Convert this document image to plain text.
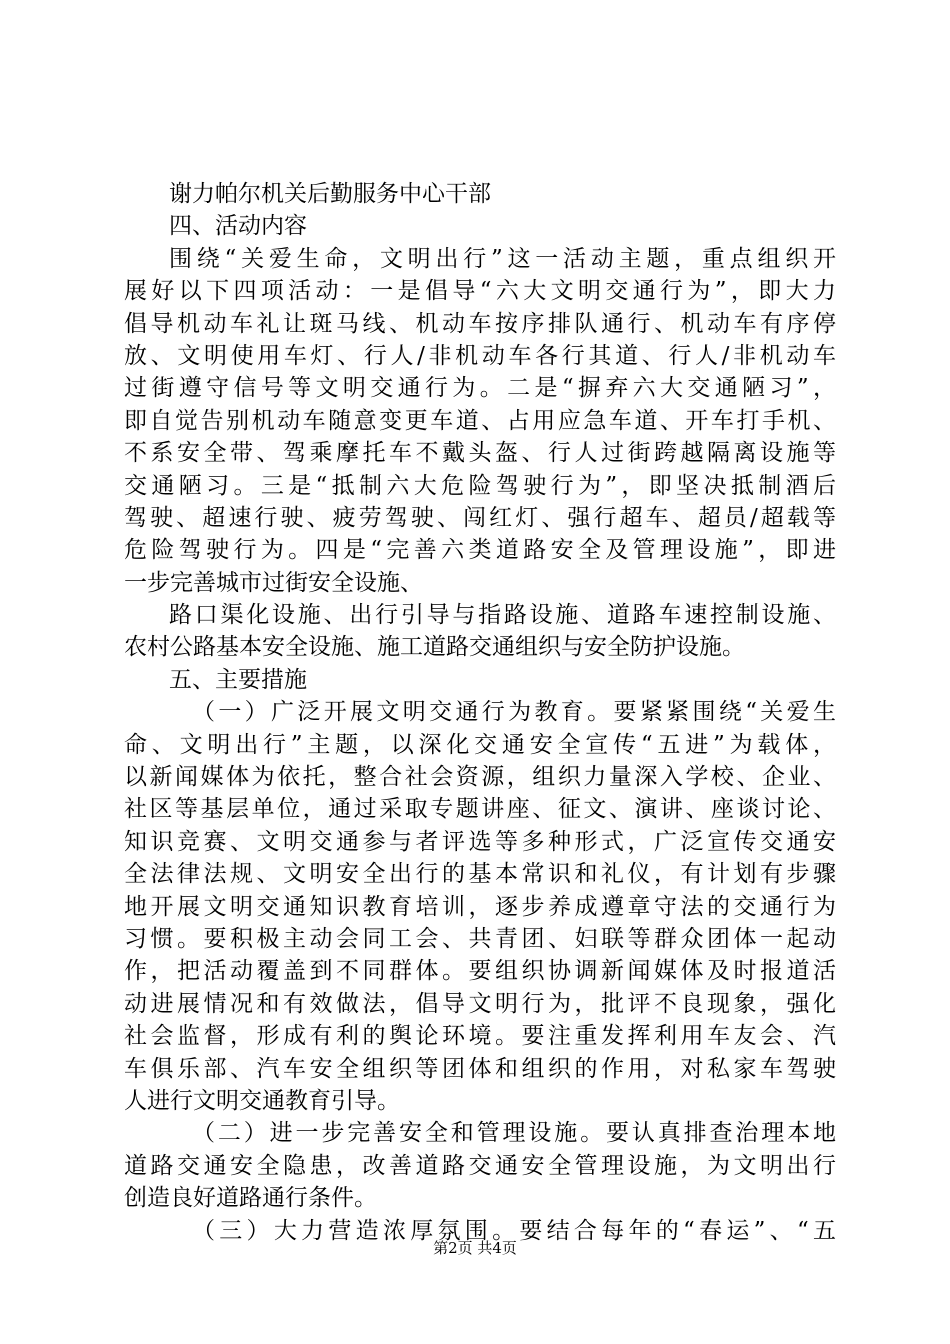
谢力帕尔机关后勤服务中心干部
四、活动内容
围绕“关爱生命，文明出行”这一活动主题，重点组织开
展好以下四项活动：一是倡导“六大文明交通行为”，即大力
倡导机动车礼让斑马线、机动车按序排队通行、机动车有序停
放、文明使用车灯、行人/非机动车各行其道、行人/非机动车
过街遵守信号等文明交通行为。二是“摒弃六大交通陋习”，
即自觉告别机动车随意变更车道、占用应急车道、开车打手机、
不系安全带、驾乘摩托车不戴头盔、行人过街跨越隔离设施等
交通陋习。三是“抵制六大危险驾驶行为”，即坚决抵制酒后
驾驶、超速行驶、疲劳驾驶、闯红灯、强行超车、超员/超载等
危险驾驶行为。四是“完善六类道路安全及管理设施”，即进
一步完善城市过街安全设施、
路口渠化设施、出行引导与指路设施、道路车速控制设施、
农村公路基本安全设施、施工道路交通组织与安全防护设施。
五、主要措施
（一）广泛开展文明交通行为教育。要紧紧围绕“关爱生
命、文明出行”主题，以深化交通安全宣传“五进”为载体，
以新闻媒体为依托，整合社会资源，组织力量深入学校、企业、
社区等基层单位，通过采取专题讲座、征文、演讲、座谈讨论、
知识竞赛、文明交通参与者评选等多种形式，广泛宣传交通安
全法律法规、文明安全出行的基本常识和礼仪，有计划有步骤
地开展文明交通知识教育培训，逐步养成遵章守法的交通行为
习惯。要积极主动会同工会、共青团、妇联等群众团体一起动
作，把活动覆盖到不同群体。要组织协调新闻媒体及时报道活
动进展情况和有效做法，倡导文明行为，批评不良现象，强化
社会监督，形成有利的舆论环境。要注重发挥利用车友会、汽
车俱乐部、汽车安全组织等团体和组织的作用，对私家车驾驶
人进行文明交通教育引导。
（二）进一步完善安全和管理设施。要认真排查治理本地
道路交通安全隐患，改善道路交通安全管理设施，为文明出行
创造良好道路通行条件。
（三）大力营造浓厚氛围。要结合每年的“春运”、“五
第2页 共4页
